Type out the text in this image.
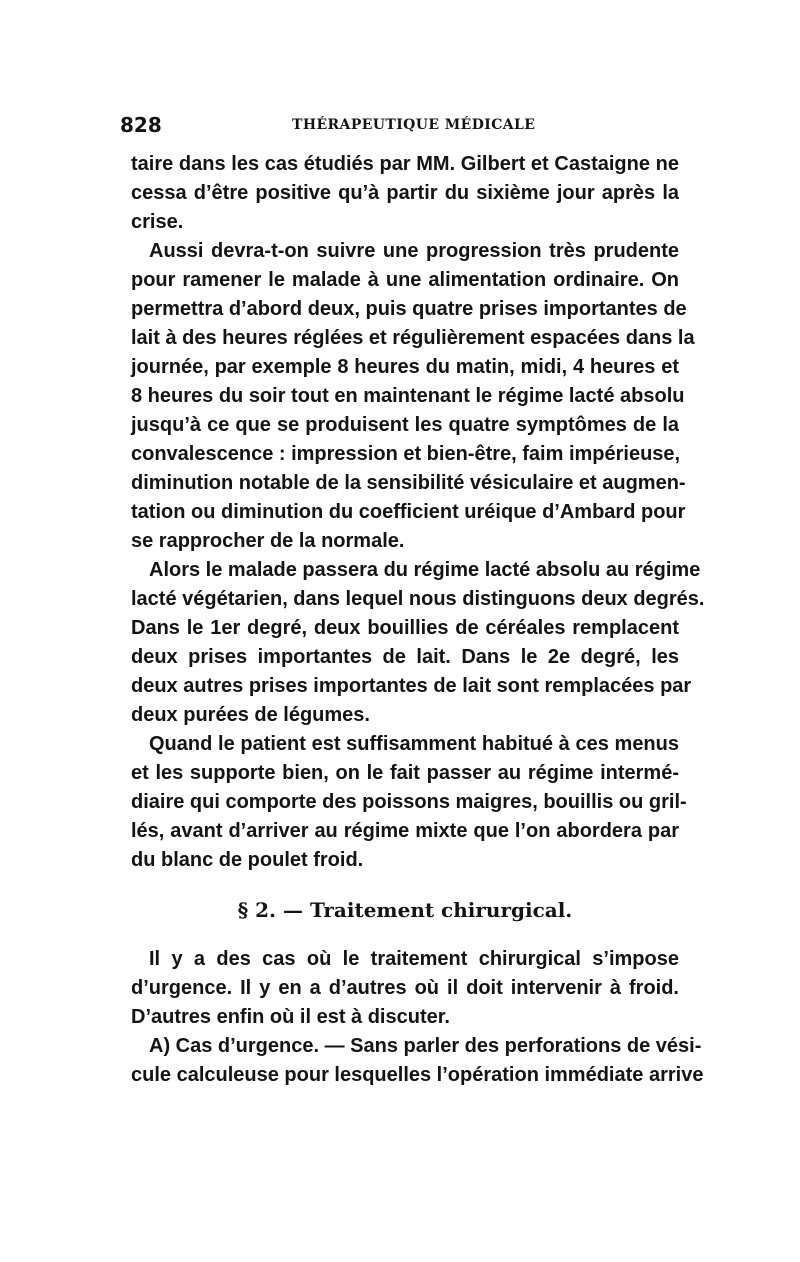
828	THÉRAPEUTIQUE MÉDICALE
taire dans les cas étudiés par MM. Gilbert et Castaigne ne
cessa d’être positive qu’à partir du sixième jour après la
crise.
Aussi devra-t-on suivre une progression très prudente
pour ramener le malade à une alimentation ordinaire. On
permettra d’abord deux, puis quatre prises importantes de
lait à des heures réglées et régulièrement espacées dans la
journée, par exemple 8 heures du matin, midi, 4 heures et
8 heures du soir tout en maintenant le régime lacté absolu
jusqu’à ce que se produisent les quatre symptômes de la
convalescence : impression et bien-être, faim impérieuse,
diminution notable de la sensibilité vésiculaire et augmen-
tation ou diminution du coefficient uréique d’Ambard pour
se rapprocher de la normale.
Alors le malade passera du régime lacté absolu au régime
lacté végétarien, dans lequel nous distinguons deux degrés.
Dans le 1er degré, deux bouillies de céréales remplacent
deux prises importantes de lait. Dans le 2e degré, les
deux autres prises importantes de lait sont remplacées par
deux purées de légumes.
Quand le patient est suffisamment habitué à ces menus
et les supporte bien, on le fait passer au régime intermé-
diaire qui comporte des poissons maigres, bouillis ou gril-
lés, avant d’arriver au régime mixte que l’on abordera par
du blanc de poulet froid.
§ 2. — Traitement chirurgical.
Il y a des cas où le traitement chirurgical s’impose
d’urgence. Il y en a d’autres où il doit intervenir à froid.
D’autres enfin où il est à discuter.
A) Cas d’urgence. — Sans parler des perforations de vési-
cule calculeuse pour lesquelles l’opération immédiate arrive
